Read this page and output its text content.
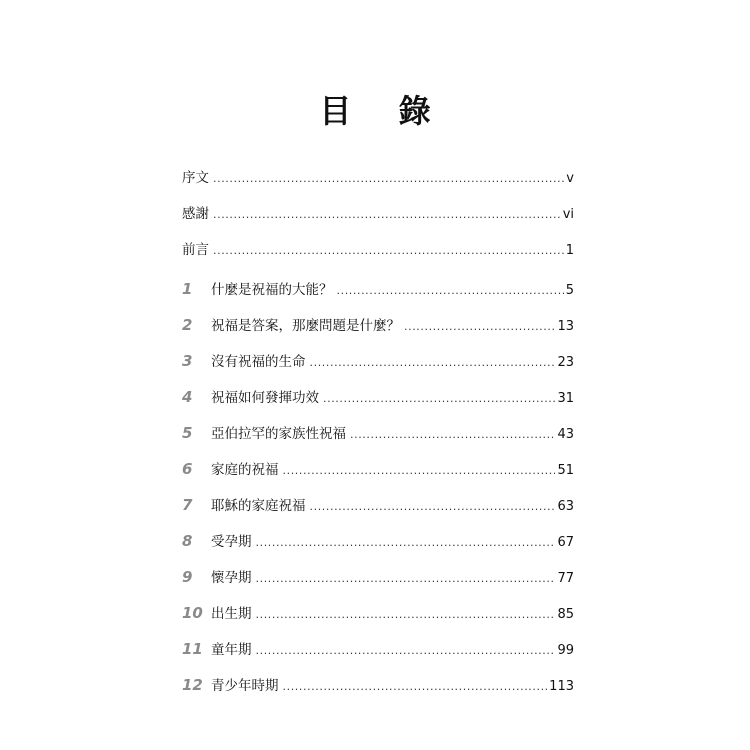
目 錄
序文 .....	v
感謝 .....	vi
前言 .....	1
1	什麼是祝福的大能？ .....	5
2	祝福是答案，那麼問題是什麼？ .....	13
3	沒有祝福的生命 .....	23
4	祝福如何發揮功效 .....	31
5	亞伯拉罕的家族性祝福 .....	43
6	家庭的祝福 .....	51
7	耶穌的家庭祝福 .....	63
8	受孕期 .....	67
9	懷孕期 .....	77
10 出生期 .....	85
11 童年期 .....	99
12 青少年時期 .....	113
